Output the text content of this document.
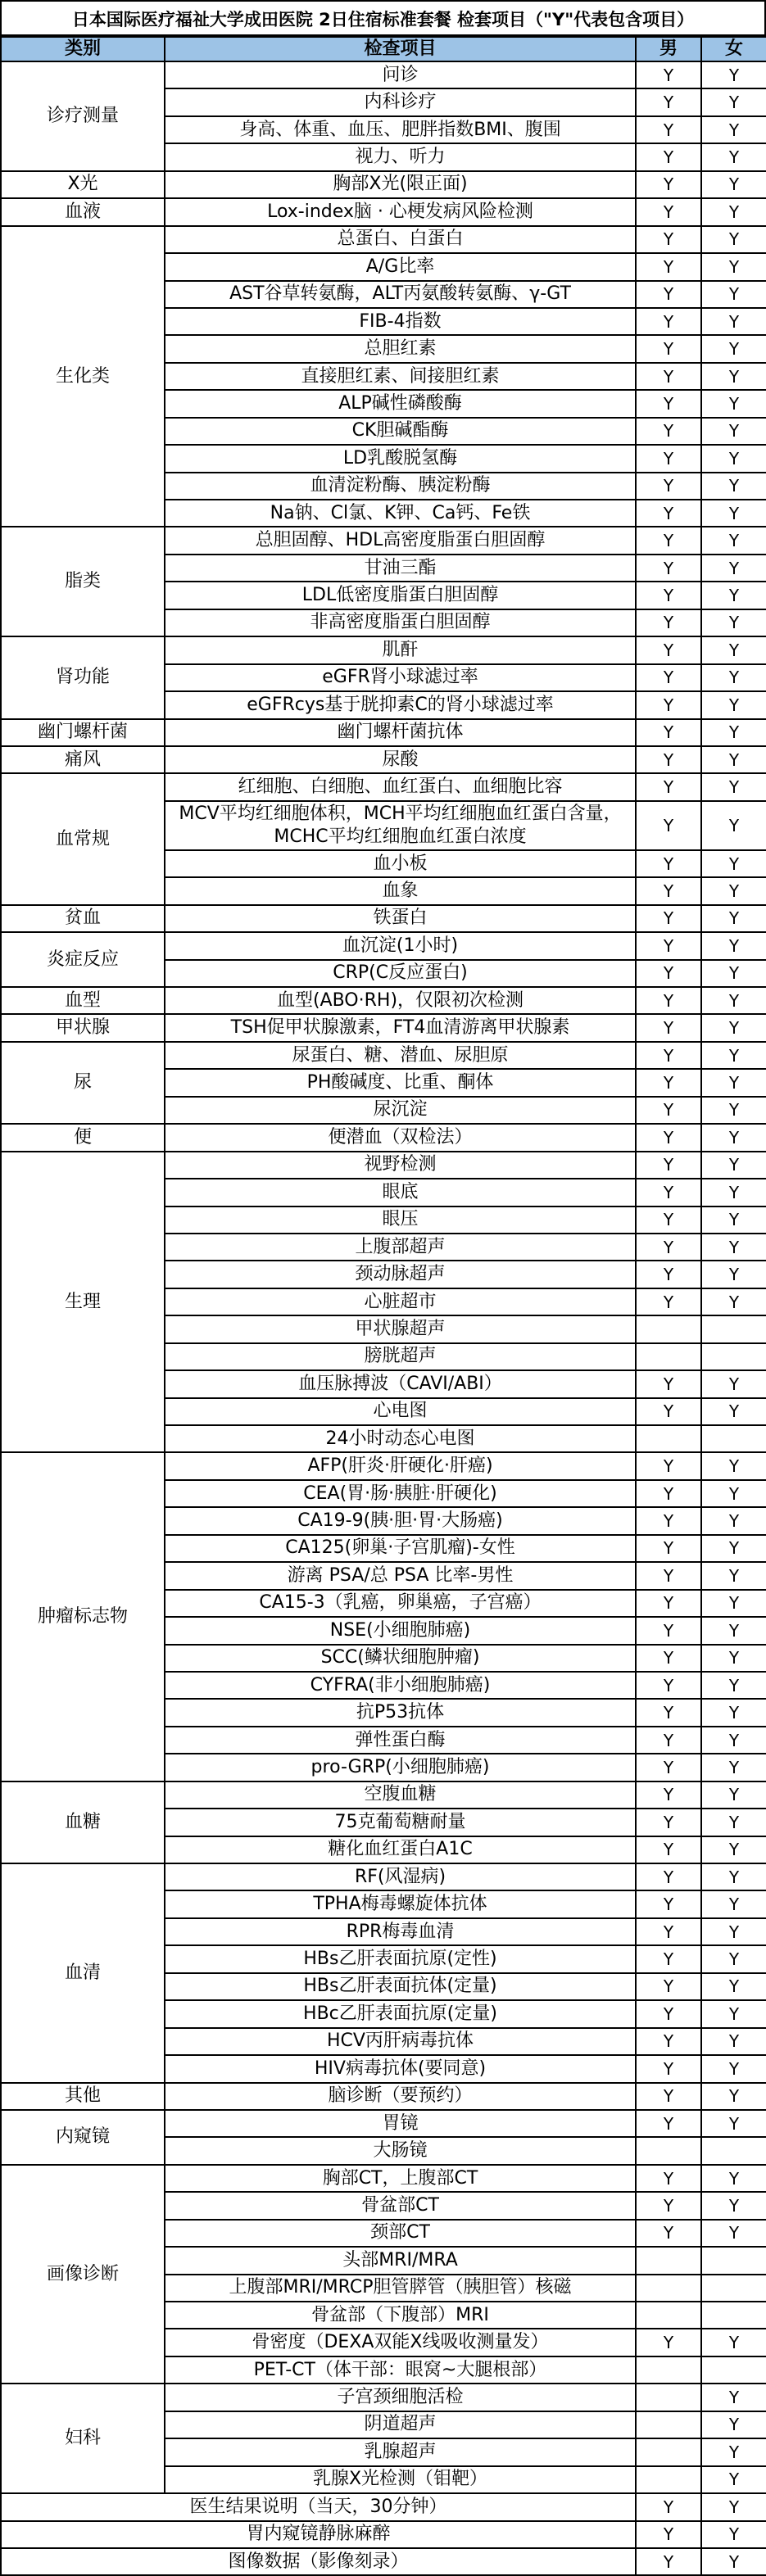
日本国际医疗福祉大学成田医院 2日住宿标准套餐 检套项目（"Y"代表包含项目）
类别	检查项目	男	女
诊疗测量	问诊	Y	Y
	内科诊疗	Y	Y
	身高、体重、血压、肥胖指数BMI、腹围	Y	Y
	视力、听力	Y	Y
X光	胸部X光(限正面)	Y	Y
血液	Lox-index脑 · 心梗发病风险检测	Y	Y
生化类	总蛋白、白蛋白	Y	Y
	A/G比率	Y	Y
	AST谷草转氨酶，ALT丙氨酸转氨酶、γ-GT	Y	Y
	FIB-4指数	Y	Y
	总胆红素	Y	Y
	直接胆红素、间接胆红素	Y	Y
	ALP碱性磷酸酶	Y	Y
	CK胆碱酯酶	Y	Y
	LD乳酸脱氢酶	Y	Y
	血清淀粉酶、胰淀粉酶	Y	Y
	Na钠、Cl氯、K钾、Ca钙、Fe铁	Y	Y
脂类	总胆固醇、HDL高密度脂蛋白胆固醇	Y	Y
	甘油三酯	Y	Y
	LDL低密度脂蛋白胆固醇	Y	Y
	非高密度脂蛋白胆固醇	Y	Y
肾功能	肌酐	Y	Y
	eGFR肾小球滤过率	Y	Y
	eGFRcys基于胱抑素C的肾小球滤过率	Y	Y
幽门螺杆菌	幽门螺杆菌抗体	Y	Y
痛风	尿酸	Y	Y
血常规	红细胞、白细胞、血红蛋白、血细胞比容	Y	Y
	MCV平均红细胞体积，MCH平均红细胞血红蛋白含量，MCHC平均红细胞血红蛋白浓度	Y	Y
	血小板	Y	Y
	血象	Y	Y
贫血	铁蛋白	Y	Y
炎症反应	血沉淀(1小时)	Y	Y
	CRP(C反应蛋白)	Y	Y
血型	血型(ABO·RH)，仅限初次检测	Y	Y
甲状腺	TSH促甲状腺激素，FT4血清游离甲状腺素	Y	Y
尿	尿蛋白、糖、潜血、尿胆原	Y	Y
	PH酸碱度、比重、酮体	Y	Y
	尿沉淀	Y	Y
便	便潜血（双检法）	Y	Y
生理	视野检测	Y	Y
	眼底	Y	Y
	眼压	Y	Y
	上腹部超声	Y	Y
	颈动脉超声	Y	Y
	心脏超市	Y	Y
	甲状腺超声		
	膀胱超声		
	血压脉搏波（CAVI/ABI）	Y	Y
	心电图	Y	Y
	24小时动态心电图		
肿瘤标志物	AFP(肝炎·肝硬化·肝癌)	Y	Y
	CEA(胃·肠·胰脏·肝硬化)	Y	Y
	CA19-9(胰·胆·胃·大肠癌)	Y	Y
	CA125(卵巢·子宫肌瘤)-女性	Y	Y
	游离 PSA/总 PSA 比率-男性	Y	Y
	CA15-3（乳癌，卵巢癌，子宫癌）	Y	Y
	NSE(小细胞肺癌)	Y	Y
	SCC(鳞状细胞肿瘤)	Y	Y
	CYFRA(非小细胞肺癌)	Y	Y
	抗P53抗体	Y	Y
	弹性蛋白酶	Y	Y
	pro-GRP(小细胞肺癌)	Y	Y
血糖	空腹血糖	Y	Y
	75克葡萄糖耐量	Y	Y
	糖化血红蛋白A1C	Y	Y
血清	RF(风湿病)	Y	Y
	TPHA梅毒螺旋体抗体	Y	Y
	RPR梅毒血清	Y	Y
	HBs乙肝表面抗原(定性)	Y	Y
	HBs乙肝表面抗体(定量)	Y	Y
	HBc乙肝表面抗原(定量)	Y	Y
	HCV丙肝病毒抗体	Y	Y
	HIV病毒抗体(要同意)	Y	Y
其他	脑诊断（要预约）	Y	Y
内窥镜	胃镜	Y	Y
	大肠镜		
画像诊断	胸部CT，上腹部CT	Y	Y
	骨盆部CT	Y	Y
	颈部CT	Y	Y
	头部MRI/MRA		
	上腹部MRI/MRCP胆管膵管（胰胆管）核磁		
	骨盆部（下腹部）MRI		
	骨密度（DEXA双能X线吸收测量发）	Y	Y
	PET-CT（体干部：眼窝~大腿根部）		
妇科	子宫颈细胞活检		Y
	阴道超声		Y
	乳腺超声		Y
	乳腺X光检测（钼靶）		Y
医生结果说明（当天，30分钟）		Y	Y
胃内窥镜静脉麻醉		Y	Y
图像数据（影像刻录）		Y	Y
